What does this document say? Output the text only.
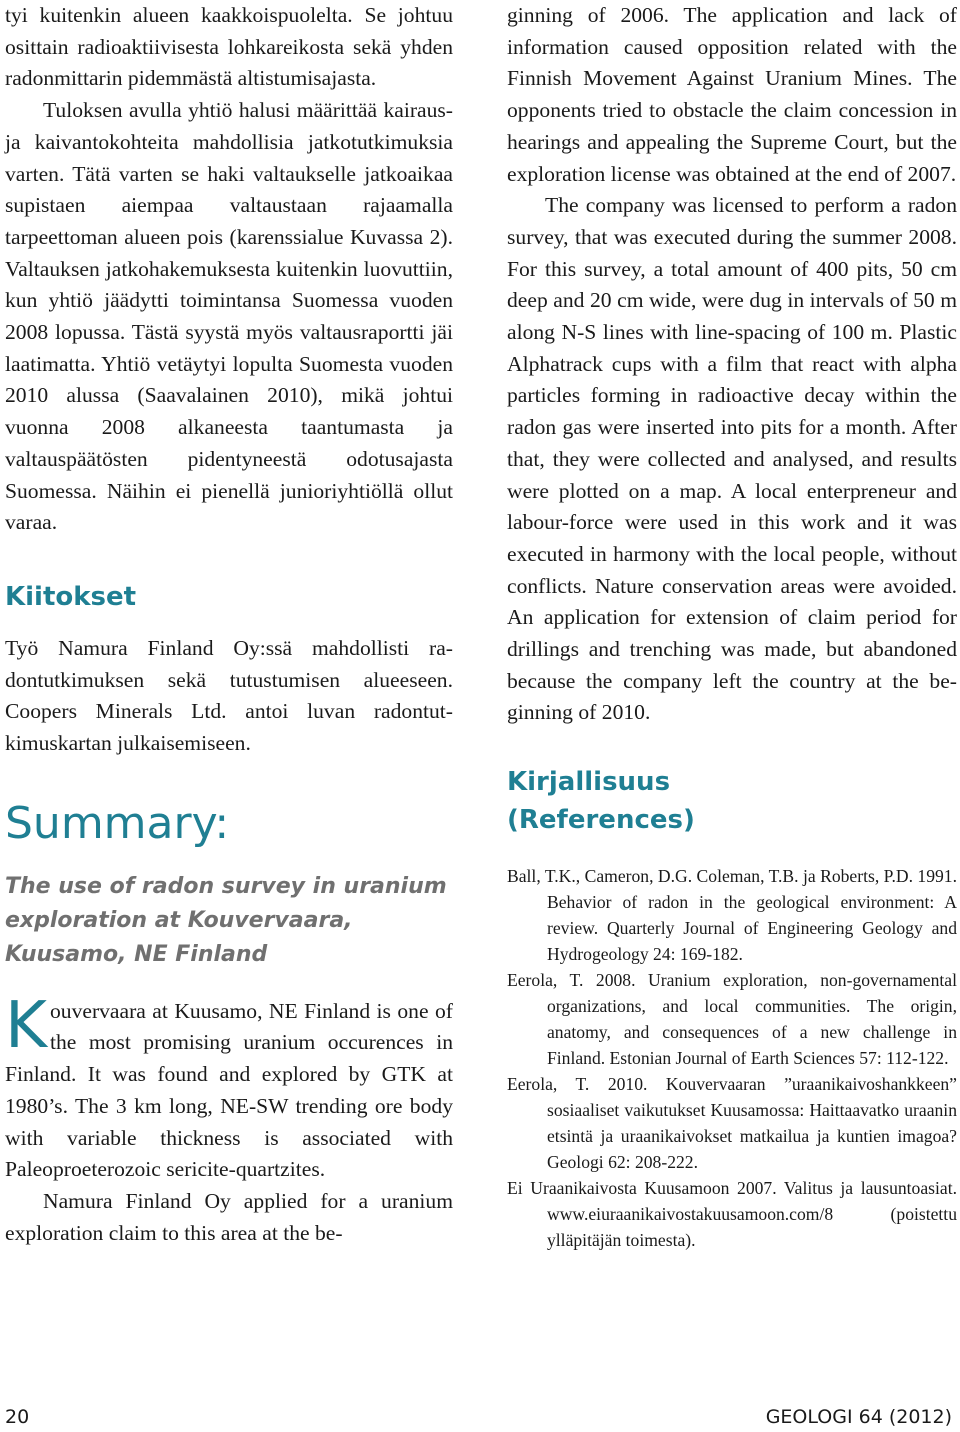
tyi kuitenkin alueen kaakkoispuolelta. Se johtuu osittain radioaktiivisesta lohkareikosta sekä yhden radonmittarin pidemmästä altistumisajasta.

Tuloksen avulla yhtiö halusi määrittää kairaus- ja kaivantokohteita mahdollisia jatkotutkimuksia varten. Tätä varten se haki valtaukselle jatkoaikaa supistaen aiempaa valtaustaan rajaamalla tarpeettoman alueen pois (karenssialue Kuvassa 2). Valtauksen jatkohakemuksesta kuitenkin luovuttiin, kun yhtiö jäädytti toimintansa Suomessa vuoden 2008 lopussa. Tästä syystä myös valtausraportti jäi laatimatta. Yhtiö vetäytyi lopulta Suomesta vuoden 2010 alussa (Saavalainen 2010), mikä johtui vuonna 2008 alkaneesta taantumasta ja valtauspäätösten pidentyneestä odotusajasta Suomessa. Näihin ei pienellä junioriyhtiöllä ollut varaa.

Kiitokset

Työ Namura Finland Oy:ssä mahdollisti radontutkimuksen sekä tutustumisen alueeseen. Coopers Minerals Ltd. antoi luvan radontutkimuskartan julkaisemiseen.

Summary:
The use of radon survey in uranium exploration at Kouvervaara, Kuusamo, NE Finland

Kouvervaara at Kuusamo, NE Finland is one of the most promising uranium occurences in Finland. It was found and explored by GTK at 1980’s. The 3 km long, NE-SW trending ore body with variable thickness is associated with Paleoproeterozoic sericite-quartzites.

Namura Finland Oy applied for a uranium exploration claim to this area at the be-

ginning of 2006. The application and lack of information caused opposition related with the Finnish Movement Against Uranium Mines. The opponents tried to obstacle the claim concession in hearings and appealing the Supreme Court, but the exploration license was obtained at the end of 2007.

The company was licensed to perform a radon survey, that was executed during the summer 2008. For this survey, a total amount of 400 pits, 50 cm deep and 20 cm wide, were dug in intervals of 50 m along N-S lines with line-spacing of 100 m. Plastic Alphatrack cups with a film that react with alpha particles forming in radioactive decay within the radon gas were inserted into pits for a month. After that, they were collected and analysed, and results were plotted on a map. A local enterpreneur and labour-force were used in this work and it was executed in harmony with the local people, without conflicts. Nature conservation areas were avoided. An application for extension of claim period for drillings and trenching was made, but abandoned because the company left the country at the beginning of 2010.

Kirjallisuus
(References)

Ball, T.K., Cameron, D.G. Coleman, T.B. ja Roberts, P.D. 1991. Behavior of radon in the geological environment: A review. Quarterly Journal of Engineering Geology and Hydrogeology 24: 169-182.

Eerola, T. 2008. Uranium exploration, non-governamental organizations, and local communities. The origin, anatomy, and consequences of a new challenge in Finland. Estonian Journal of Earth Sciences 57: 112-122.

Eerola, T. 2010. Kouvervaaran ”uraanikaivoshankkeen” sosiaaliset vaikutukset Kuusamossa: Haittaavatko uraanin etsintä ja uraanikaivokset matkailua ja kuntien imagoa? Geologi 62: 208-222.

Ei Uraanikaivosta Kuusamoon 2007. Valitus ja lausuntoasiat. www.eiuraanikaivostakuusamoon.com/8 (poistettu ylläpitäjän toimesta).

20	GEOLOGI 64 (2012)
